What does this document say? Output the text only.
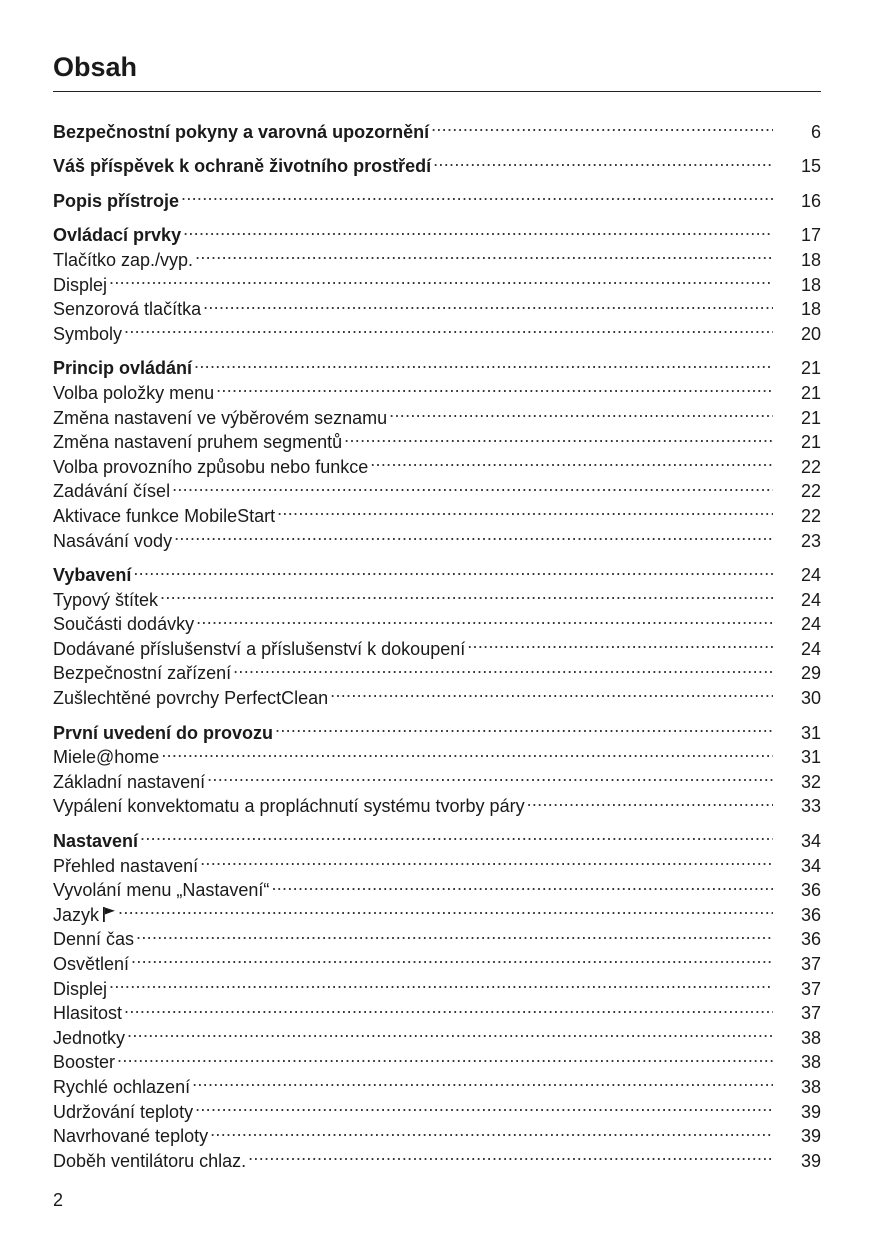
Obsah
Bezpečnostní pokyny a varovná upozornění .....	6
Váš příspěvek k ochraně životního prostředí .....	15
Popis přístroje .....	16
Ovládací prvky .....	17
Tlačítko zap./vyp. .....	18
Displej .....	18
Senzorová tlačítka .....	18
Symboly .....	20
Princip ovládání .....	21
Volba položky menu .....	21
Změna nastavení ve výběrovém seznamu .....	21
Změna nastavení pruhem segmentů .....	21
Volba provozního způsobu nebo funkce .....	22
Zadávání čísel .....	22
Aktivace funkce MobileStart .....	22
Nasávání vody .....	23
Vybavení .....	24
Typový štítek .....	24
Součásti dodávky .....	24
Dodávané příslušenství a příslušenství k dokoupení .....	24
Bezpečnostní zařízení .....	29
Zušlechtěné povrchy PerfectClean .....	30
První uvedení do provozu .....	31
Miele@home .....	31
Základní nastavení .....	32
Vypálení konvektomatu a propláchnutí systému tvorby páry .....	33
Nastavení .....	34
Přehled nastavení .....	34
Vyvolání menu „Nastavení“ .....	36
Jazyk .....	36
Denní čas .....	36
Osvětlení .....	37
Displej .....	37
Hlasitost .....	37
Jednotky .....	38
Booster .....	38
Rychlé ochlazení .....	38
Udržování teploty .....	39
Navrhované teploty .....	39
Doběh ventilátoru chlaz. .....	39
2
